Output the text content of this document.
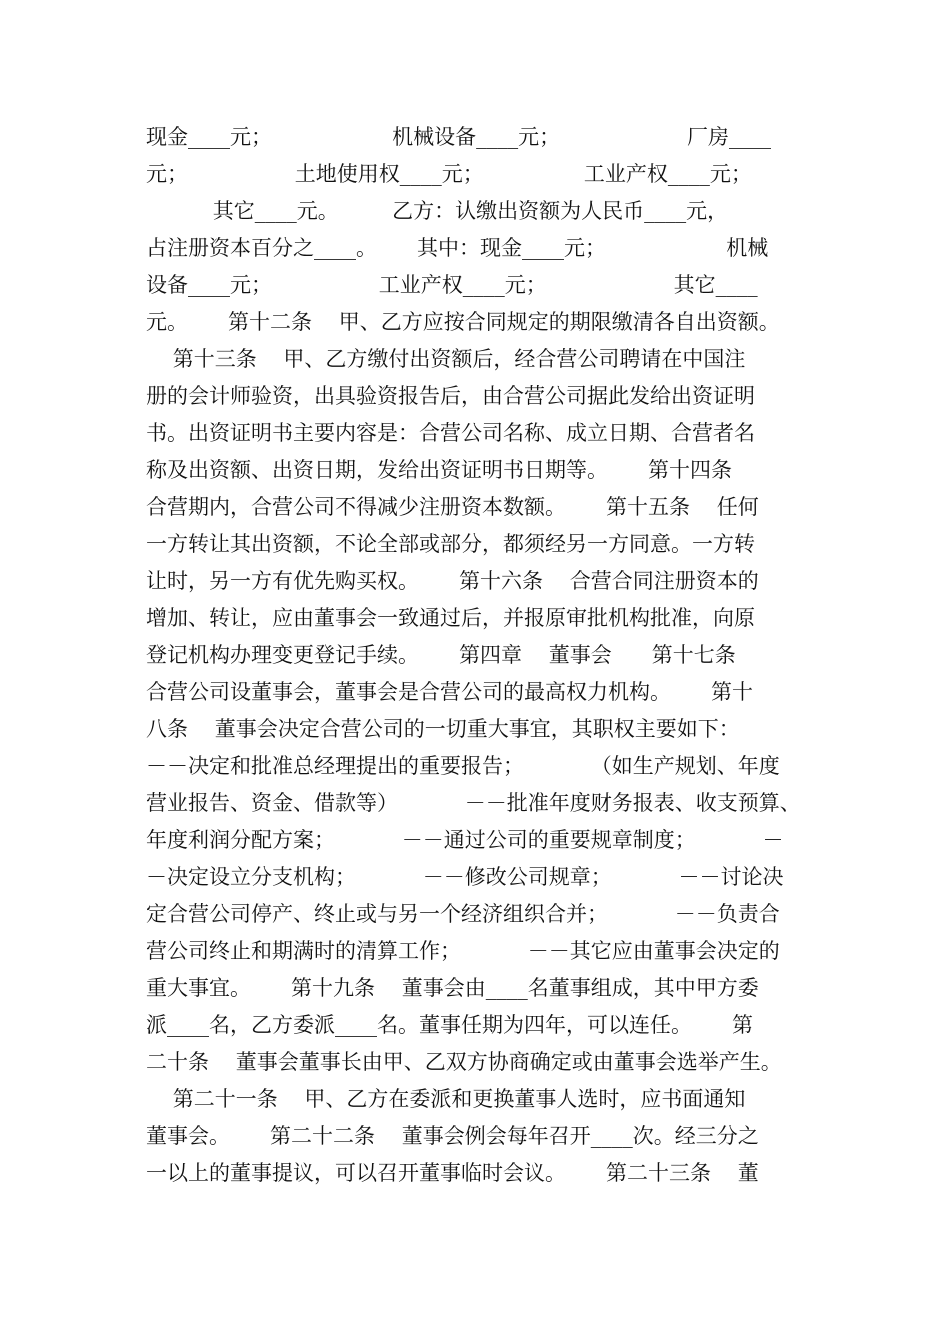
现金____元；                  机械设备____元；                   厂房____
元；                土地使用权____元；               工业产权____元；
其它____元。        乙方：认缴出资额为人民币____元，
占注册资本百分之____。      其中：现金____元；                  机械
设备____元；                工业产权____元；                   其它____
元。      第十二条    甲、乙方应按合同规定的期限缴清各自出资额。
第十三条    甲、乙方缴付出资额后，经合营公司聘请在中国注
册的会计师验资，出具验资报告后，由合营公司据此发给出资证明
书。出资证明书主要内容是：合营公司名称、成立日期、合营者名
称及出资额、出资日期，发给出资证明书日期等。      第十四条
合营期内，合营公司不得减少注册资本数额。      第十五条    任何
一方转让其出资额，不论全部或部分，都须经另一方同意。一方转
让时，另一方有优先购买权。      第十六条    合营合同注册资本的
增加、转让，应由董事会一致通过后，并报原审批机构批准，向原
登记机构办理变更登记手续。      第四章    董事会      第十七条
合营公司设董事会，董事会是合营公司的最高权力机构。      第十
八条    董事会决定合营公司的一切重大事宜，其职权主要如下：
－－决定和批准总经理提出的重要报告；          （如生产规划、年度
营业报告、资金、借款等）          －－批准年度财务报表、收支预算、
年度利润分配方案；          －－通过公司的重要规章制度；          －
－决定设立分支机构；          －－修改公司规章；          －－讨论决
定合营公司停产、终止或与另一个经济组织合并；          －－负责合
营公司终止和期满时的清算工作；          －－其它应由董事会决定的
重大事宜。      第十九条    董事会由____名董事组成，其中甲方委
派____名，乙方委派____名。董事任期为四年，可以连任。      第
二十条    董事会董事长由甲、乙双方协商确定或由董事会选举产生。
第二十一条    甲、乙方在委派和更换董事人选时，应书面通知
董事会。      第二十二条    董事会例会每年召开____次。经三分之
一以上的董事提议，可以召开董事临时会议。      第二十三条    董
